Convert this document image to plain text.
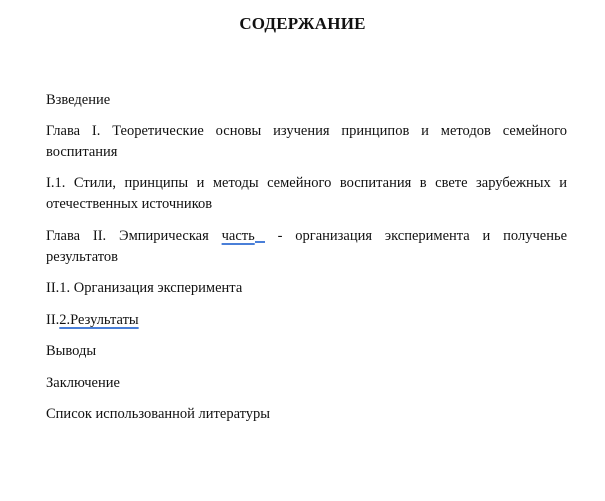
СОДЕРЖАНИЕ
Взведение
Глава I. Теоретические основы изучения принципов и методов семейного воспитания
I.1. Стили, принципы и методы семейного воспитания в свете зарубежных и отечественных источников
Глава II. Эмпирическая часть - организация эксперимента и полученье результатов
II.1. Организация эксперимента
II.2.Результаты
Выводы
Заключение
Список использованной литературы
